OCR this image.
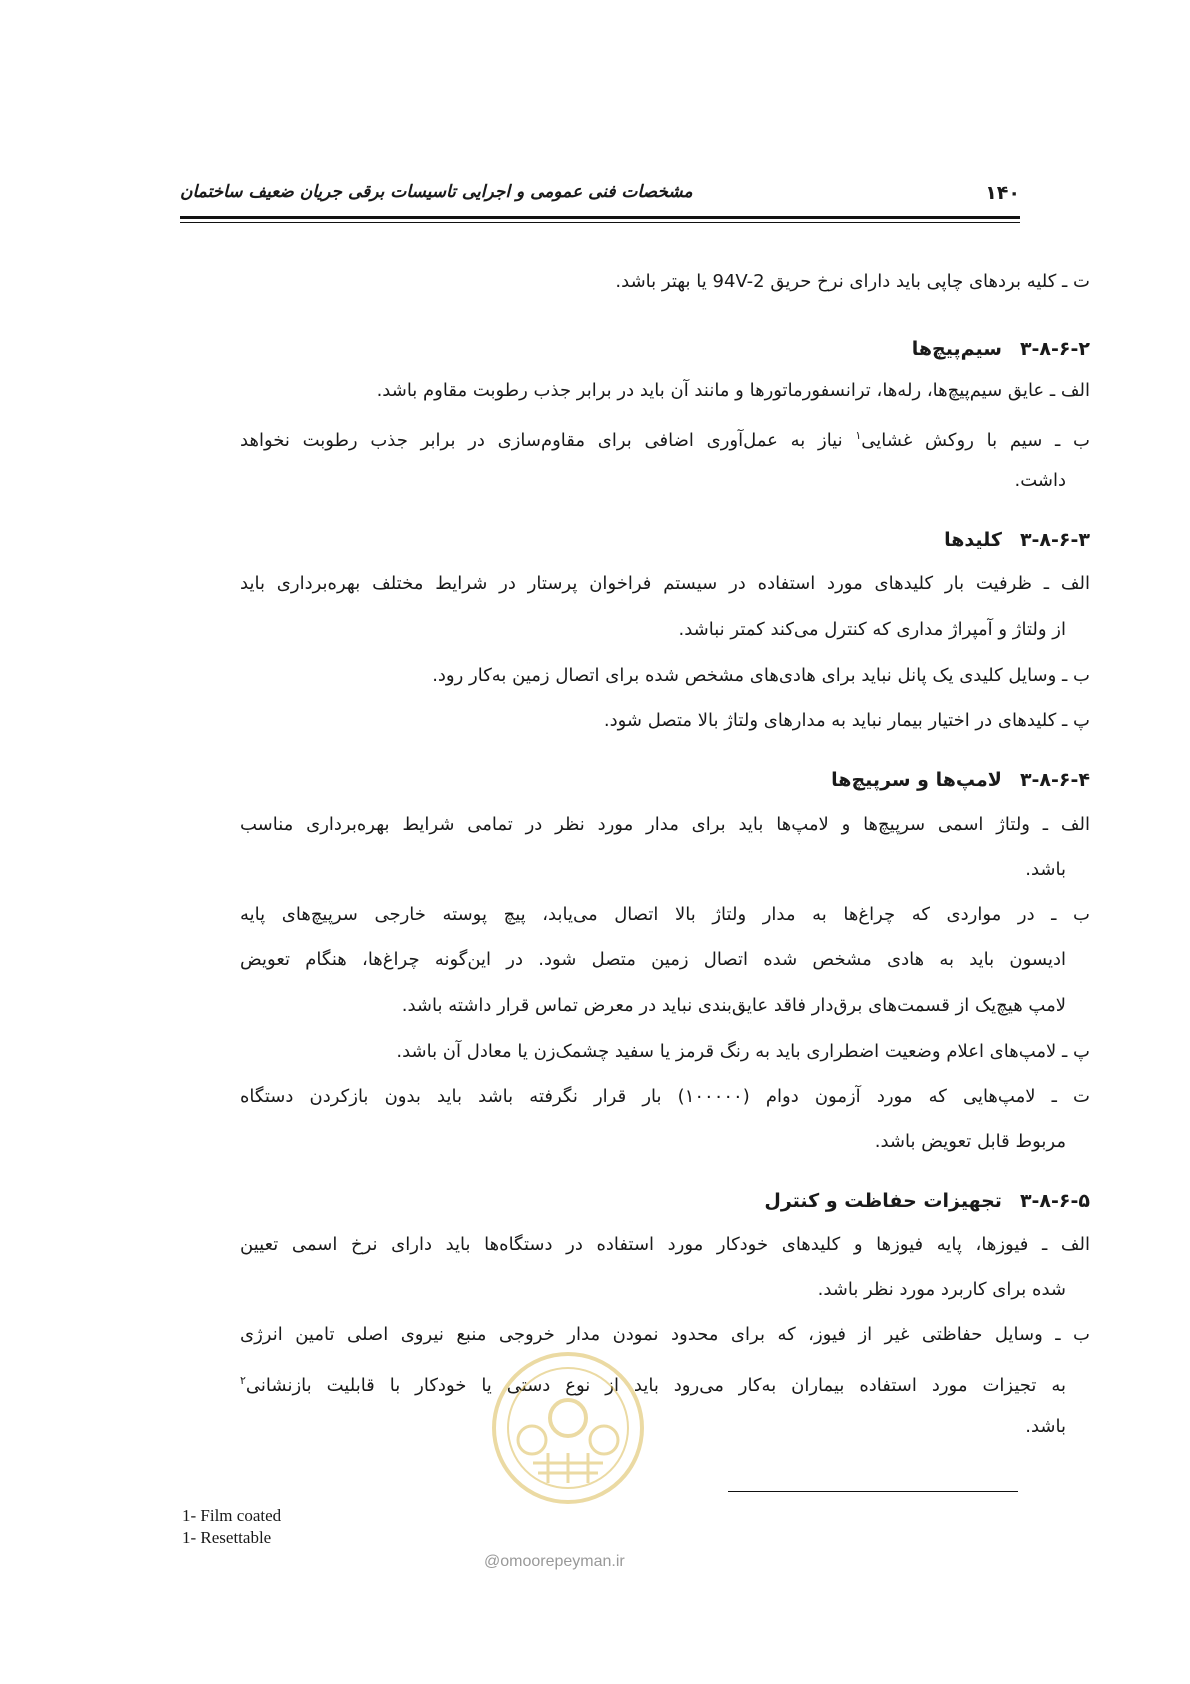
۱۴۰
مشخصات فنی عمومی و اجرایی تاسیسات برقی جریان ضعیف ساختمان
ت ـ کلیه بردهای چاپی باید دارای نرخ حریق 94V-2 یا بهتر باشد.
۳-۸-۶-۲سیم‌پیچ‌ها
الف ـ عایق سیم‌پیچ‌ها، رله‌ها، ترانسفورماتورها و مانند آن باید در برابر جذب رطوبت مقاوم باشد.
ب ـ سیم با روکش غشایی$^۱$ نیاز به عمل‌آوری اضافی برای مقاوم‌سازی در برابر جذب رطوبت نخواهد
داشت.
۳-۸-۶-۳کلیدها
الف ـ ظرفیت بار کلیدهای مورد استفاده در سیستم فراخوان پرستار در شرایط مختلف بهره‌برداری باید
از ولتاژ و آمپراژ مداری که کنترل می‌کند کمتر نباشد.
ب ـ وسایل کلیدی یک پانل نباید برای هادی‌های مشخص شده برای اتصال زمین به‌کار رود.
پ ـ کلیدهای در اختیار بیمار نباید به مدارهای ولتاژ بالا متصل شود.
۳-۸-۶-۴لامپ‌ها و سرپیچ‌ها
الف ـ ولتاژ اسمی سرپیچ‌ها و لامپ‌ها باید برای مدار مورد نظر در تمامی شرایط بهره‌برداری مناسب
باشد.
ب ـ در مواردی که چراغ‌ها به مدار ولتاژ بالا اتصال می‌یابد، پیچ پوسته خارجی سرپیچ‌های پایه
ادیسون باید به هادی مشخص شده اتصال زمین متصل شود. در این‌گونه چراغ‌ها، هنگام تعویض
لامپ هیچ‌یک از قسمت‌های برق‌دار فاقد عایق‌بندی نباید در معرض تماس قرار داشته باشد.
پ ـ لامپ‌های اعلام وضعیت اضطراری باید به رنگ قرمز یا سفید چشمک‌زن یا معادل آن باشد.
ت ـ لامپ‌هایی که مورد آزمون دوام (۱۰۰۰۰۰) بار قرار نگرفته باشد باید بدون بازکردن دستگاه
مربوط قابل تعویض باشد.
۳-۸-۶-۵تجهیزات حفاظت و کنترل
الف ـ فیوزها، پایه فیوزها و کلیدهای خودکار مورد استفاده در دستگاه‌ها باید دارای نرخ اسمی تعیین
شده برای کاربرد مورد نظر باشد.
ب ـ وسایل حفاظتی غیر از فیوز، که برای محدود نمودن مدار خروجی منبع نیروی اصلی تامین انرژی
به تجیزات مورد استفاده بیماران به‌کار می‌رود باید از نوع دستی یا خودکار با قابلیت بازنشانی$^۲$
باشد.
@omoorepeyman.ir
1- Film coated
1- Resettable
